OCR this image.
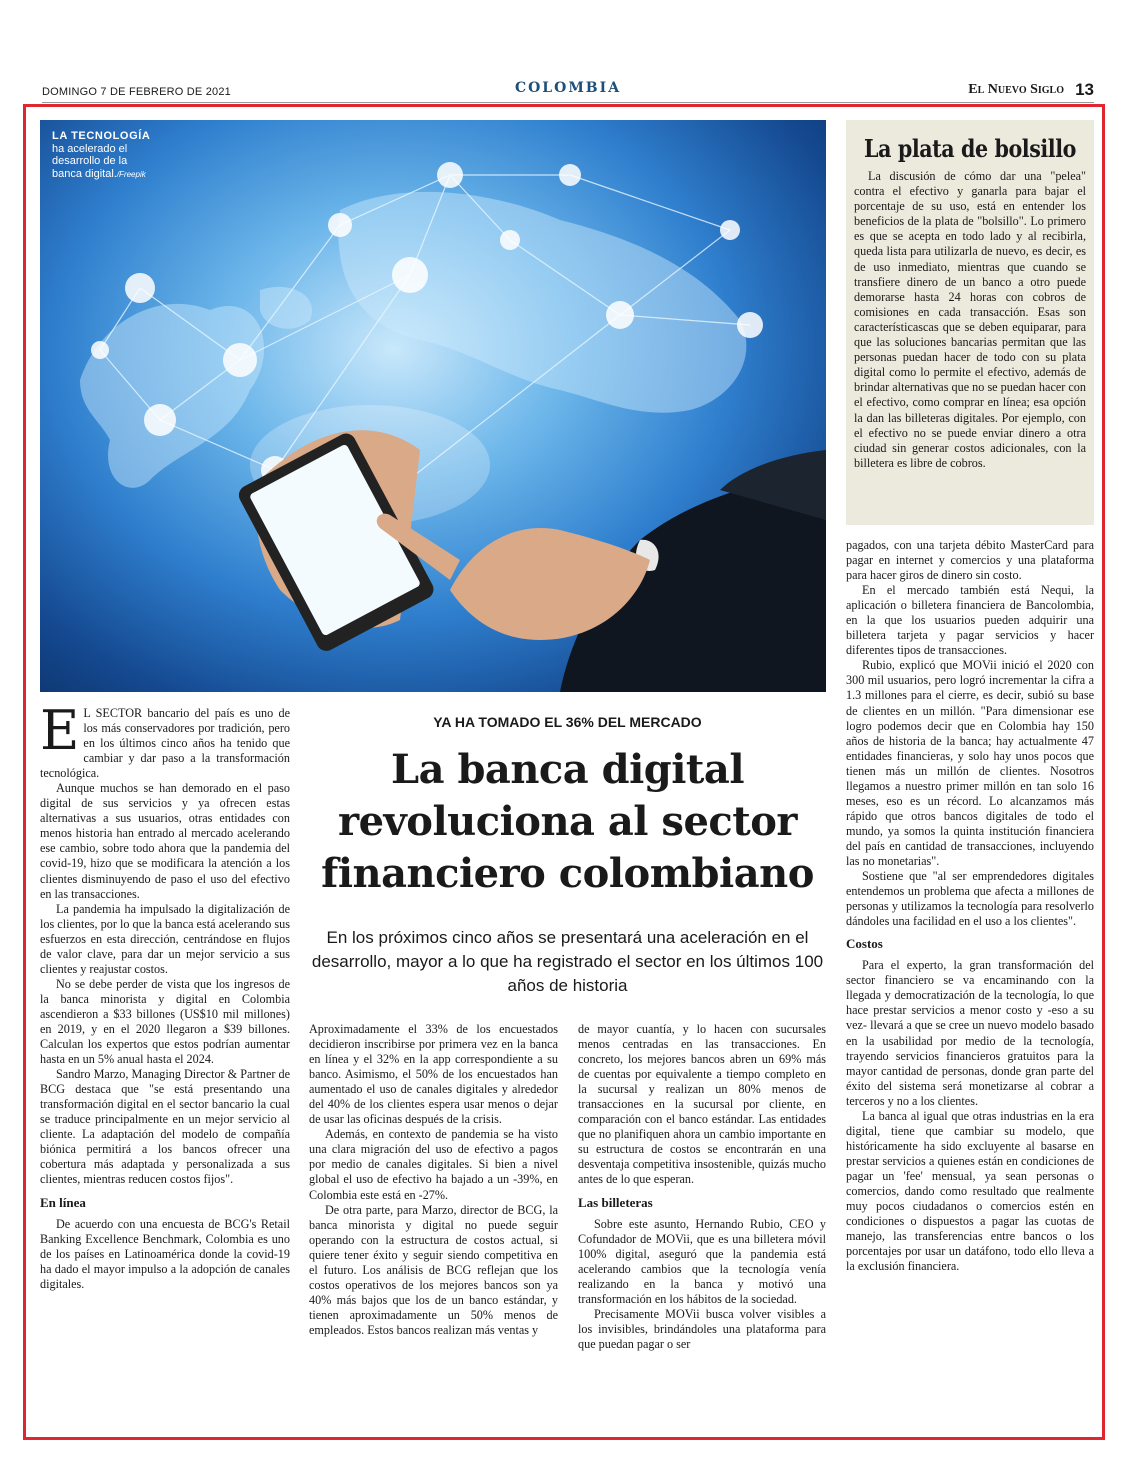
DOMINGO 7 DE FEBRERO DE 2021	COLOMBIA	El Nuevo Siglo 13
LA TECNOLOGÍA
ha acelerado el
desarrollo de la
banca digital./Freepik
La plata de bolsillo

La discusión de cómo dar una "pelea" contra el efectivo y ganarla para bajar el porcentaje de su uso, está en entender los beneficios de la plata de "bolsillo". Lo primero es que se acepta en todo lado y al recibirla, queda lista para utilizarla de nuevo, es decir, es de uso inmediato, mientras que cuando se transfiere dinero de un banco a otro puede demorarse hasta 24 horas con cobros de comisiones en cada transacción. Esas son característicascas que se deben equiparar, para que las soluciones bancarias permitan que las personas puedan hacer de todo con su plata digital como lo permite el efectivo, además de brindar alternativas que no se puedan hacer con el efectivo, como comprar en línea; esa opción la dan las billeteras digitales. Por ejemplo, con el efectivo no se puede enviar dinero a otra ciudad sin generar costos adicionales, con la billetera es libre de cobros.

YA HA TOMADO EL 36% DEL MERCADO
La banca digital revoluciona al sector financiero colombiano
En los próximos cinco años se presentará una aceleración en el desarrollo, mayor a lo que ha registrado el sector en los últimos 100 años de historia

E L SECTOR bancario del país es uno de los más conservadores por tradición, pero en los últimos cinco años ha tenido que cambiar y dar paso a la transformación tecnológica.

Aunque muchos se han demorado en el paso digital de sus servicios y ya ofrecen estas alternativas a sus usuarios, otras entidades con menos historia han entrado al mercado acelerando ese cambio, sobre todo ahora que la pandemia del covid-19, hizo que se modificara la atención a los clientes disminuyendo de paso el uso del efectivo en las transacciones.

La pandemia ha impulsado la digitalización de los clientes, por lo que la banca está acelerando sus esfuerzos en esta dirección, centrándose en flujos de valor clave, para dar un mejor servicio a sus clientes y reajustar costos.

No se debe perder de vista que los ingresos de la banca minorista y digital en Colombia ascendieron a $33 billones (US$10 mil millones) en 2019, y en el 2020 llegaron a $39 billones. Calculan los expertos que estos podrían aumentar hasta en un 5% anual hasta el 2024.

Sandro Marzo, Managing Director & Partner de BCG destaca que "se está presentando una transformación digital en el sector bancario la cual se traduce principalmente en un mejor servicio al cliente. La adaptación del modelo de compañía biónica permitirá a los bancos ofrecer una cobertura más adaptada y personalizada a sus clientes, mientras reducen costos fijos".

En línea

De acuerdo con una encuesta de BCG's Retail Banking Excellence Benchmark, Colombia es uno de los países en Latinoamérica donde la covid-19 ha dado el mayor impulso a la adopción de canales digitales.

Aproximadamente el 33% de los encuestados decidieron inscribirse por primera vez en la banca en línea y el 32% en la app correspondiente a su banco. Asimismo, el 50% de los encuestados han aumentado el uso de canales digitales y alrededor del 40% de los clientes espera usar menos o dejar de usar las oficinas después de la crisis.

Además, en contexto de pandemia se ha visto una clara migración del uso de efectivo a pagos por medio de canales digitales. Si bien a nivel global el uso de efectivo ha bajado a un -39%, en Colombia este está en -27%.

De otra parte, para Marzo, director de BCG, la banca minorista y digital no puede seguir operando con la estructura de costos actual, si quiere tener éxito y seguir siendo competitiva en el futuro. Los análisis de BCG reflejan que los costos operativos de los mejores bancos son ya 40% más bajos que los de un banco estándar, y tienen aproximadamente un 50% menos de empleados. Estos bancos realizan más ventas y

de mayor cuantía, y lo hacen con sucursales menos centradas en las transacciones. En concreto, los mejores bancos abren un 69% más de cuentas por equivalente a tiempo completo en la sucursal y realizan un 80% menos de transacciones en la sucursal por cliente, en comparación con el banco estándar. Las entidades que no planifiquen ahora un cambio importante en su estructura de costos se encontrarán en una desventaja competitiva insostenible, quizás mucho antes de lo que esperan.

Las billeteras

Sobre este asunto, Hernando Rubio, CEO y Cofundador de MOVii, que es una billetera móvil 100% digital, aseguró que la pandemia está acelerando cambios que la tecnología venía realizando en la banca y motivó una transformación en los hábitos de la sociedad.

Precisamente MOVii busca volver visibles a los invisibles, brindándoles una plataforma para que puedan pagar o ser

pagados, con una tarjeta débito MasterCard para pagar en internet y comercios y una plataforma para hacer giros de dinero sin costo.

En el mercado también está Nequi, la aplicación o billetera financiera de Bancolombia, en la que los usuarios pueden adquirir una billetera tarjeta y pagar servicios y hacer diferentes tipos de transacciones.

Rubio, explicó que MOVii inició el 2020 con 300 mil usuarios, pero logró incrementar la cifra a 1.3 millones para el cierre, es decir, subió su base de clientes en un millón. "Para dimensionar ese logro podemos decir que en Colombia hay 150 años de historia de la banca; hay actualmente 47 entidades financieras, y solo hay unos pocos que tienen más un millón de clientes. Nosotros llegamos a nuestro primer millón en tan solo 16 meses, eso es un récord. Lo alcanzamos más rápido que otros bancos digitales de todo el mundo, ya somos la quinta institución financiera del país en cantidad de transacciones, incluyendo las no monetarias".

Sostiene que "al ser emprendedores digitales entendemos un problema que afecta a millones de personas y utilizamos la tecnología para resolverlo dándoles una facilidad en el uso a los clientes".

Costos

Para el experto, la gran transformación del sector financiero se va encaminando con la llegada y democratización de la tecnología, lo que hace prestar servicios a menor costo y -eso a su vez- llevará a que se cree un nuevo modelo basado en la usabilidad por medio de la tecnología, trayendo servicios financieros gratuitos para la mayor cantidad de personas, donde gran parte del éxito del sistema será monetizarse al cobrar a terceros y no a los clientes.

La banca al igual que otras industrias en la era digital, tiene que cambiar su modelo, que históricamente ha sido excluyente al basarse en prestar servicios a quienes están en condiciones de pagar un 'fee' mensual, ya sean personas o comercios, dando como resultado que realmente muy pocos ciudadanos o comercios estén en condiciones o dispuestos a pagar las cuotas de manejo, las transferencias entre bancos o los porcentajes por usar un datáfono, todo ello lleva a la exclusión financiera.
